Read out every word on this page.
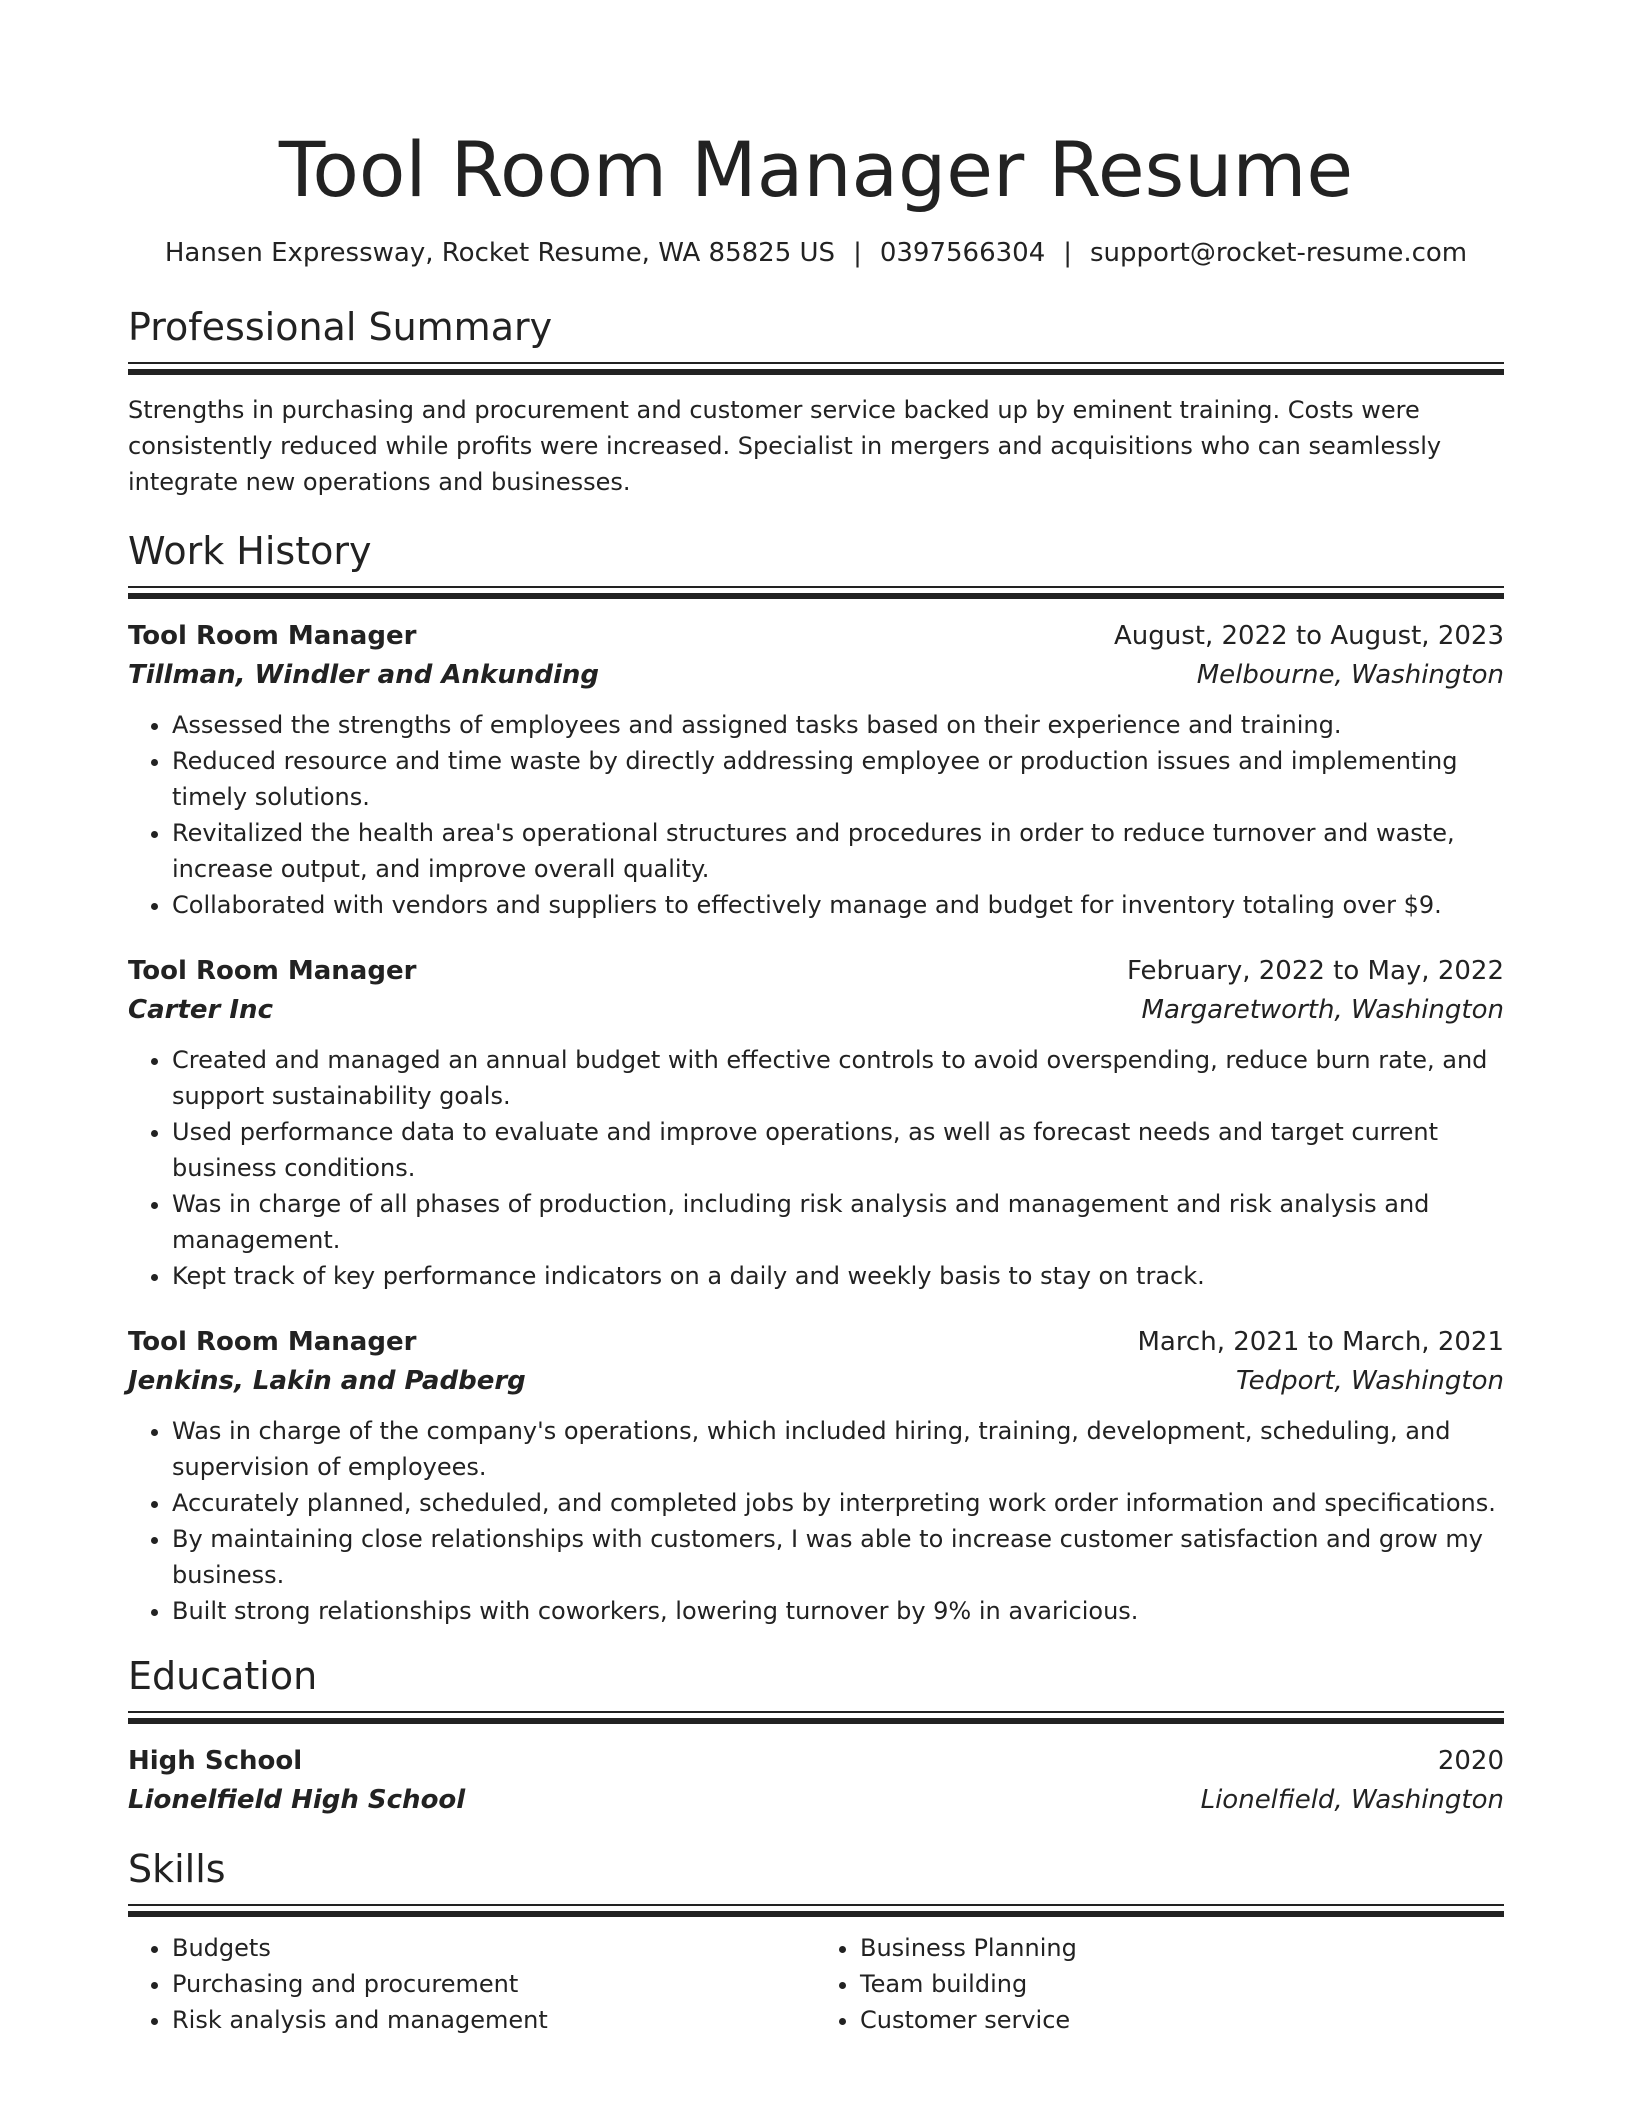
Tool Room Manager Resume
Hansen Expressway, Rocket Resume, WA 85825 US | 0397566304 | support@rocket-resume.com
Professional Summary
Strengths in purchasing and procurement and customer service backed up by eminent training. Costs were consistently reduced while profits were increased. Specialist in mergers and acquisitions who can seamlessly integrate new operations and businesses.
Work History
Tool Room Manager	August, 2022 to August, 2023
Tillman, Windler and Ankunding	Melbourne, Washington
• Assessed the strengths of employees and assigned tasks based on their experience and training.
• Reduced resource and time waste by directly addressing employee or production issues and implementing timely solutions.
• Revitalized the health area's operational structures and procedures in order to reduce turnover and waste, increase output, and improve overall quality.
• Collaborated with vendors and suppliers to effectively manage and budget for inventory totaling over $9.
Tool Room Manager	February, 2022 to May, 2022
Carter Inc	Margaretworth, Washington
• Created and managed an annual budget with effective controls to avoid overspending, reduce burn rate, and support sustainability goals.
• Used performance data to evaluate and improve operations, as well as forecast needs and target current business conditions.
• Was in charge of all phases of production, including risk analysis and management and risk analysis and management.
• Kept track of key performance indicators on a daily and weekly basis to stay on track.
Tool Room Manager	March, 2021 to March, 2021
Jenkins, Lakin and Padberg	Tedport, Washington
• Was in charge of the company's operations, which included hiring, training, development, scheduling, and supervision of employees.
• Accurately planned, scheduled, and completed jobs by interpreting work order information and specifications.
• By maintaining close relationships with customers, I was able to increase customer satisfaction and grow my business.
• Built strong relationships with coworkers, lowering turnover by 9% in avaricious.
Education
High School	2020
Lionelfield High School	Lionelfield, Washington
Skills
• Budgets
• Purchasing and procurement
• Risk analysis and management
• Business Planning
• Team building
• Customer service
